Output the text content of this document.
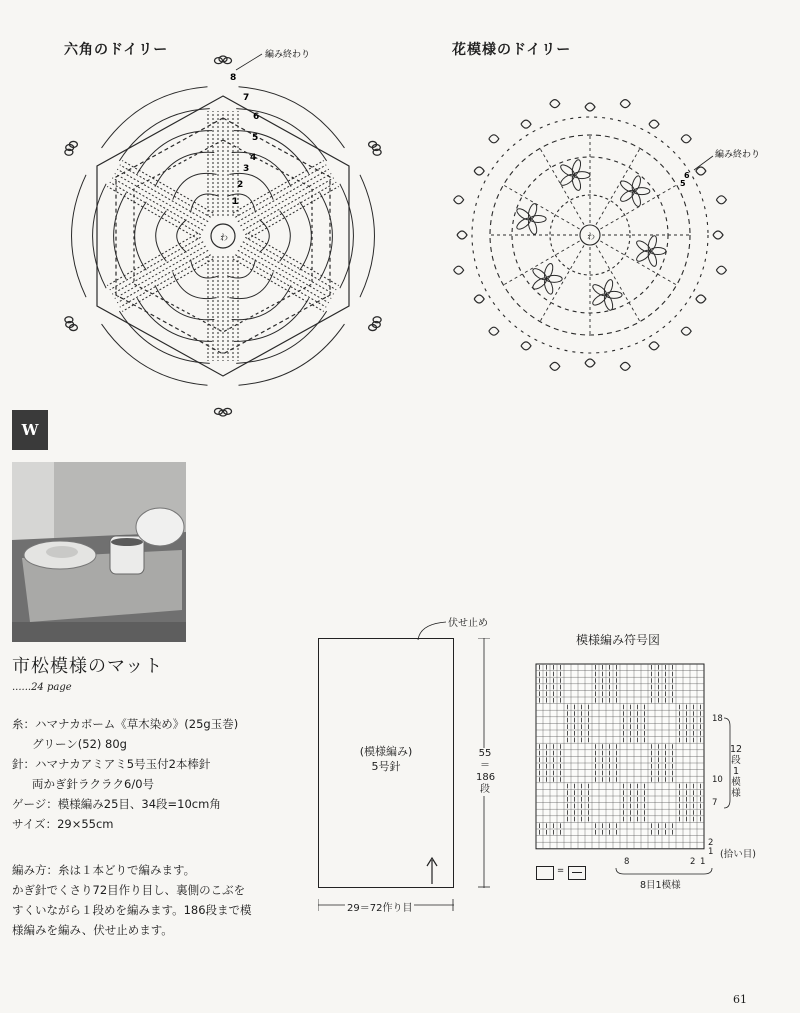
六角のドイリー
わ
編み終わり
1
2
3
4
5
6
7
8
花模様のドイリー
わ
編み終わり
6
5
W
市松模様のマット
......24 page
糸：ハマナカボーム《草木染め》(25g玉巻)
グリーン(52) 80g
針：ハマナカアミアミ5号玉付2本棒針
両かぎ針ラクラク6/0号
ゲージ：模様編み25目、34段=10cm角
サイズ：29×55cm
編み方：糸は１本どりで編みます。
かぎ針でくさり72目作り目し、裏側のこぶを
すくいながら１段めを編みます。186段まで模
様編みを編み、伏せ止めます。
伏せ止め
(模様編み)
5号針
55
＝
186
段
29＝72作り目
模様編み符号図
18
10
7
2
1
12
段
1
模
様
(拾い目)
8	2 1
8目1模様
=
61
